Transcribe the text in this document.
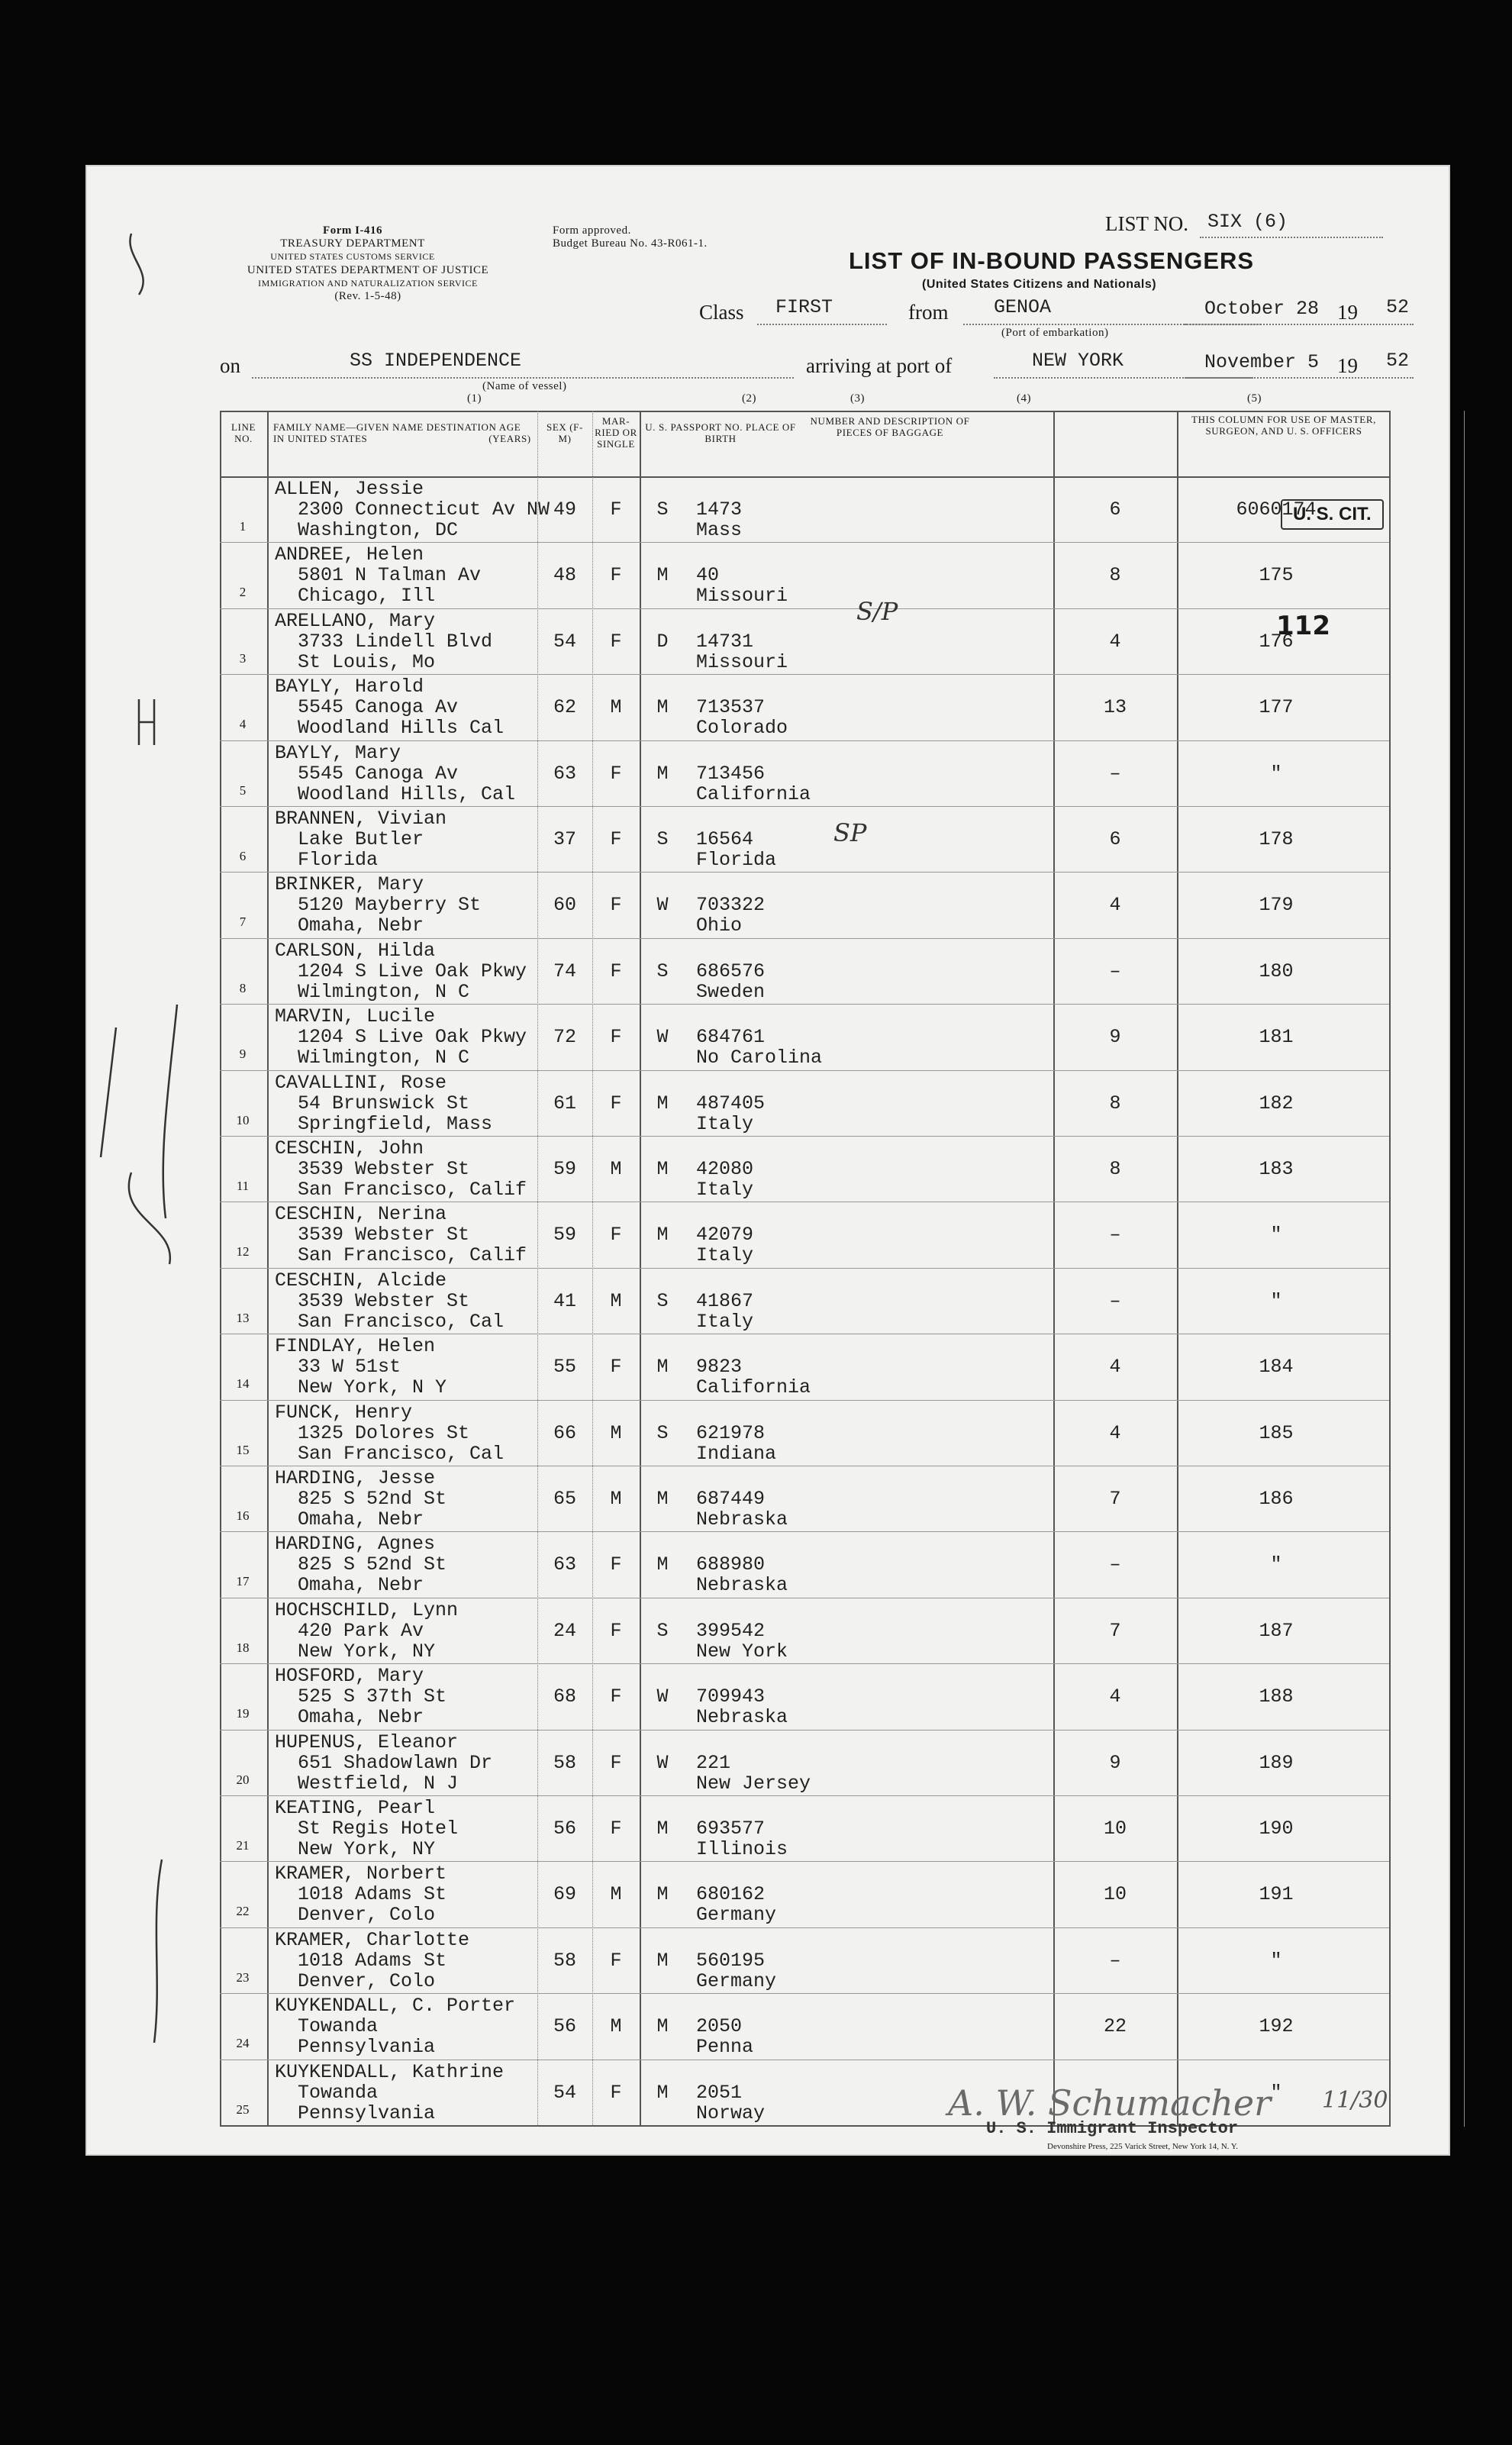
Form I-416
TREASURY DEPARTMENT
UNITED STATES CUSTOMS SERVICE
Form approved.
Budget Bureau No. 43-R061-1.
UNITED STATES DEPARTMENT OF JUSTICE
IMMIGRATION AND NATURALIZATION SERVICE
(Rev. 1-5-48)
LIST NO. SIX (6)
LIST OF IN-BOUND PASSENGERS
(United States Citizens and Nationals)
Class FIRST	from GENOA
(Port of embarkation)
October 28 19 52
on	SS INDEPENDENCE
(Name of vessel)
arriving at port of	NEW YORK	November 5 19 52
(1)	(2)	(3)	(4)	(5)
LINE NO.
FAMILY NAME—GIVEN NAME DESTINATION IN UNITED STATES
AGE (YEARS)
SEX (F-M)
MAR-RIED OR SINGLE
U. S. PASSPORT NO. PLACE OF BIRTH
NUMBER AND DESCRIPTION OF PIECES OF BAGGAGE
THIS COLUMN FOR USE OF MASTER, SURGEON, AND U. S. OFFICERS
1
ALLEN, Jessie
2300 Connecticut Av NW
Washington, DC
49	F	S	1473
Mass
6	6060174
2
ANDREE, Helen
5801 N Talman Av
Chicago, Ill
48	F	M	40
Missouri
8	175
3
ARELLANO, Mary
3733 Lindell Blvd
St Louis, Mo
54	F	D	14731
Missouri
4	176
4
BAYLY, Harold
5545 Canoga Av
Woodland Hills Cal
62	M	M	713537
Colorado
13	177
5
BAYLY, Mary
5545 Canoga Av
Woodland Hills, Cal
63	F	M	713456
California
–	"
6
BRANNEN, Vivian
Lake Butler
Florida
37	F	S	16564
Florida
6	178
7
BRINKER, Mary
5120 Mayberry St
Omaha, Nebr
60	F	W	703322
Ohio
4	179
8
CARLSON, Hilda
1204 S Live Oak Pkwy
Wilmington, N C
74	F	S	686576
Sweden
–	180
9
MARVIN, Lucile
1204 S Live Oak Pkwy
Wilmington, N C
72	F	W	684761
No Carolina
9	181
10
CAVALLINI, Rose
54 Brunswick St
Springfield, Mass
61	F	M	487405
Italy
8	182
11
CESCHIN, John
3539 Webster St
San Francisco, Calif
59	M	M	42080
Italy
8	183
12
CESCHIN, Nerina
3539 Webster St
San Francisco, Calif
59	F	M	42079
Italy
–	"
13
CESCHIN, Alcide
3539 Webster St
San Francisco, Cal
41	M	S	41867
Italy
–	"
14
FINDLAY, Helen
33 W 51st
New York, N Y
55	F	M	9823
California
4	184
15
FUNCK, Henry
1325 Dolores St
San Francisco, Cal
66	M	S	621978
Indiana
4	185
16
HARDING, Jesse
825 S 52nd St
Omaha, Nebr
65	M	M	687449
Nebraska
7	186
17
HARDING, Agnes
825 S 52nd St
Omaha, Nebr
63	F	M	688980
Nebraska
–	"
18
HOCHSCHILD, Lynn
420 Park Av
New York, NY
24	F	S	399542
New York
7	187
19
HOSFORD, Mary
525 S 37th St
Omaha, Nebr
68	F	W	709943
Nebraska
4	188
20
HUPENUS, Eleanor
651 Shadowlawn Dr
Westfield, N J
58	F	W	221
New Jersey
9	189
21
KEATING, Pearl
St Regis Hotel
New York, NY
56	F	M	693577
Illinois
10	190
22
KRAMER, Norbert
1018 Adams St
Denver, Colo
69	M	M	680162
Germany
10	191
23
KRAMER, Charlotte
1018 Adams St
Denver, Colo
58	F	M	560195
Germany
–	"
24
KUYKENDALL, C. Porter
Towanda
Pennsylvania
56	M	M	2050
Penna
22	192
25
KUYKENDALL, Kathrine
Towanda
Pennsylvania
54	F	M	2051
Norway
"
U. S. CIT.
112
S/P
SP
A. W. Schumacher 11/30
U. S. Immigrant Inspector
Devonshire Press, 225 Varick Street, New York 14, N. Y.
